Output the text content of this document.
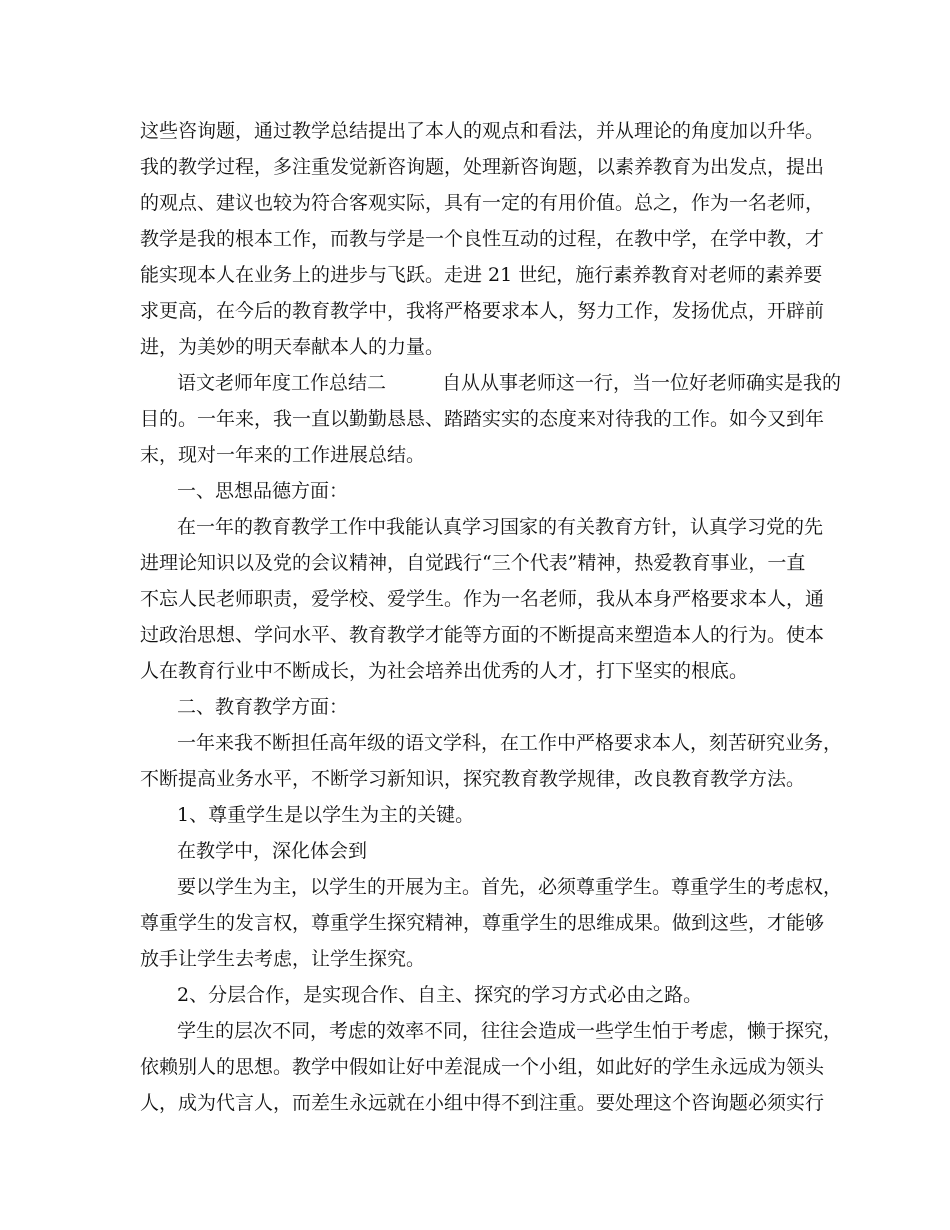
这些咨询题，通过教学总结提出了本人的观点和看法，并从理论的角度加以升华。
我的教学过程，多注重发觉新咨询题，处理新咨询题，以素养教育为出发点，提出
的观点、建议也较为符合客观实际，具有一定的有用价值。总之，作为一名老师，
教学是我的根本工作，而教与学是一个良性互动的过程，在教中学，在学中教，才
能实现本人在业务上的进步与飞跃。走进 21 世纪，施行素养教育对老师的素养要
求更高，在今后的教育教学中，我将严格要求本人，努力工作，发扬优点，开辟前
进，为美妙的明天奉献本人的力量。
语文老师年度工作总结二	自从从事老师这一行，当一位好老师确实是我的
目的。一年来，我一直以勤勤恳恳、踏踏实实的态度来对待我的工作。如今又到年
末，现对一年来的工作进展总结。
一、思想品德方面：
在一年的教育教学工作中我能认真学习国家的有关教育方针，认真学习党的先
进理论知识以及党的会议精神，自觉践行“三个代表”精神，热爱教育事业，一直
不忘人民老师职责，爱学校、爱学生。作为一名老师，我从本身严格要求本人，通
过政治思想、学问水平、教育教学才能等方面的不断提高来塑造本人的行为。使本
人在教育行业中不断成长，为社会培养出优秀的人才，打下坚实的根底。
二、教育教学方面：
一年来我不断担任高年级的语文学科，在工作中严格要求本人，刻苦研究业务，
不断提高业务水平，不断学习新知识，探究教育教学规律，改良教育教学方法。
1、尊重学生是以学生为主的关键。
在教学中，深化体会到
要以学生为主，以学生的开展为主。首先，必须尊重学生。尊重学生的考虑权，
尊重学生的发言权，尊重学生探究精神，尊重学生的思维成果。做到这些，才能够
放手让学生去考虑，让学生探究。
2、分层合作，是实现合作、自主、探究的学习方式必由之路。
学生的层次不同，考虑的效率不同，往往会造成一些学生怕于考虑，懒于探究，
依赖别人的思想。教学中假如让好中差混成一个小组，如此好的学生永远成为领头
人，成为代言人，而差生永远就在小组中得不到注重。要处理这个咨询题必须实行
